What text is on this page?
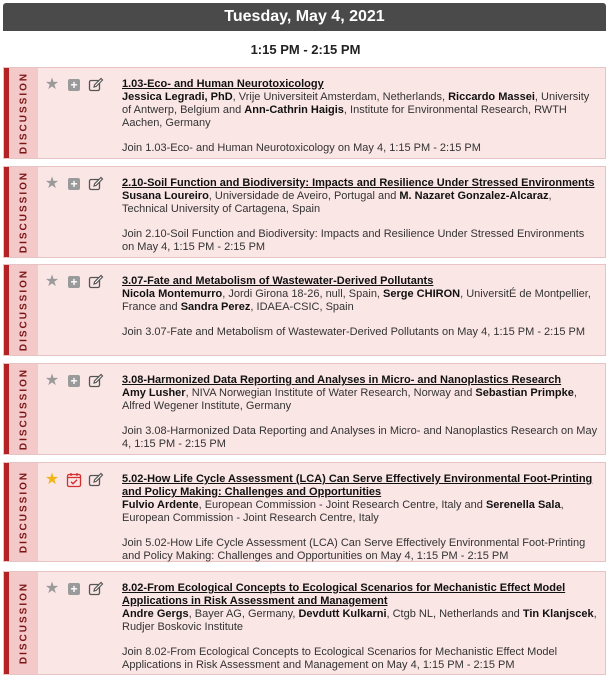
Tuesday, May 4, 2021
1:15 PM - 2:15 PM
DISCUSSION ★ +	1.03-Eco- and Human Neurotoxicology
Jessica Legradi, PhD, Vrije Universiteit Amsterdam, Netherlands, Riccardo Massei, University of Antwerp, Belgium and Ann-Cathrin Haigis, Institute for Environmental Research, RWTH Aachen, Germany
Join 1.03-Eco- and Human Neurotoxicology on May 4, 1:15 PM - 2:15 PM
DISCUSSION ★ +	2.10-Soil Function and Biodiversity: Impacts and Resilience Under Stressed Environments
Susana Loureiro, Universidade de Aveiro, Portugal and M. Nazaret Gonzalez-Alcaraz, Technical University of Cartagena, Spain
Join 2.10-Soil Function and Biodiversity: Impacts and Resilience Under Stressed Environments on May 4, 1:15 PM - 2:15 PM
DISCUSSION ★ +	3.07-Fate and Metabolism of Wastewater-Derived Pollutants
Nicola Montemurro, Jordi Girona 18-26, null, Spain, Serge CHIRON, UniversitÉ de Montpellier, France and Sandra Perez, IDAEA-CSIC, Spain
Join 3.07-Fate and Metabolism of Wastewater-Derived Pollutants on May 4, 1:15 PM - 2:15 PM
DISCUSSION ★ +	3.08-Harmonized Data Reporting and Analyses in Micro- and Nanoplastics Research
Amy Lusher, NIVA Norwegian Institute of Water Research, Norway and Sebastian Primpke, Alfred Wegener Institute, Germany
Join 3.08-Harmonized Data Reporting and Analyses in Micro- and Nanoplastics Research on May 4, 1:15 PM - 2:15 PM
DISCUSSION ★	5.02-How Life Cycle Assessment (LCA) Can Serve Effectively Environmental Foot-Printing and Policy Making: Challenges and Opportunities
Fulvio Ardente, European Commission - Joint Research Centre, Italy and Serenella Sala, European Commission - Joint Research Centre, Italy
Join 5.02-How Life Cycle Assessment (LCA) Can Serve Effectively Environmental Foot-Printing and Policy Making: Challenges and Opportunities on May 4, 1:15 PM - 2:15 PM
DISCUSSION ★ +	8.02-From Ecological Concepts to Ecological Scenarios for Mechanistic Effect Model Applications in Risk Assessment and Management
Andre Gergs, Bayer AG, Germany, Devdutt Kulkarni, Ctgb NL, Netherlands and Tin Klanjscek, Rudjer Boskovic Institute
Join 8.02-From Ecological Concepts to Ecological Scenarios for Mechanistic Effect Model Applications in Risk Assessment and Management on May 4, 1:15 PM - 2:15 PM
